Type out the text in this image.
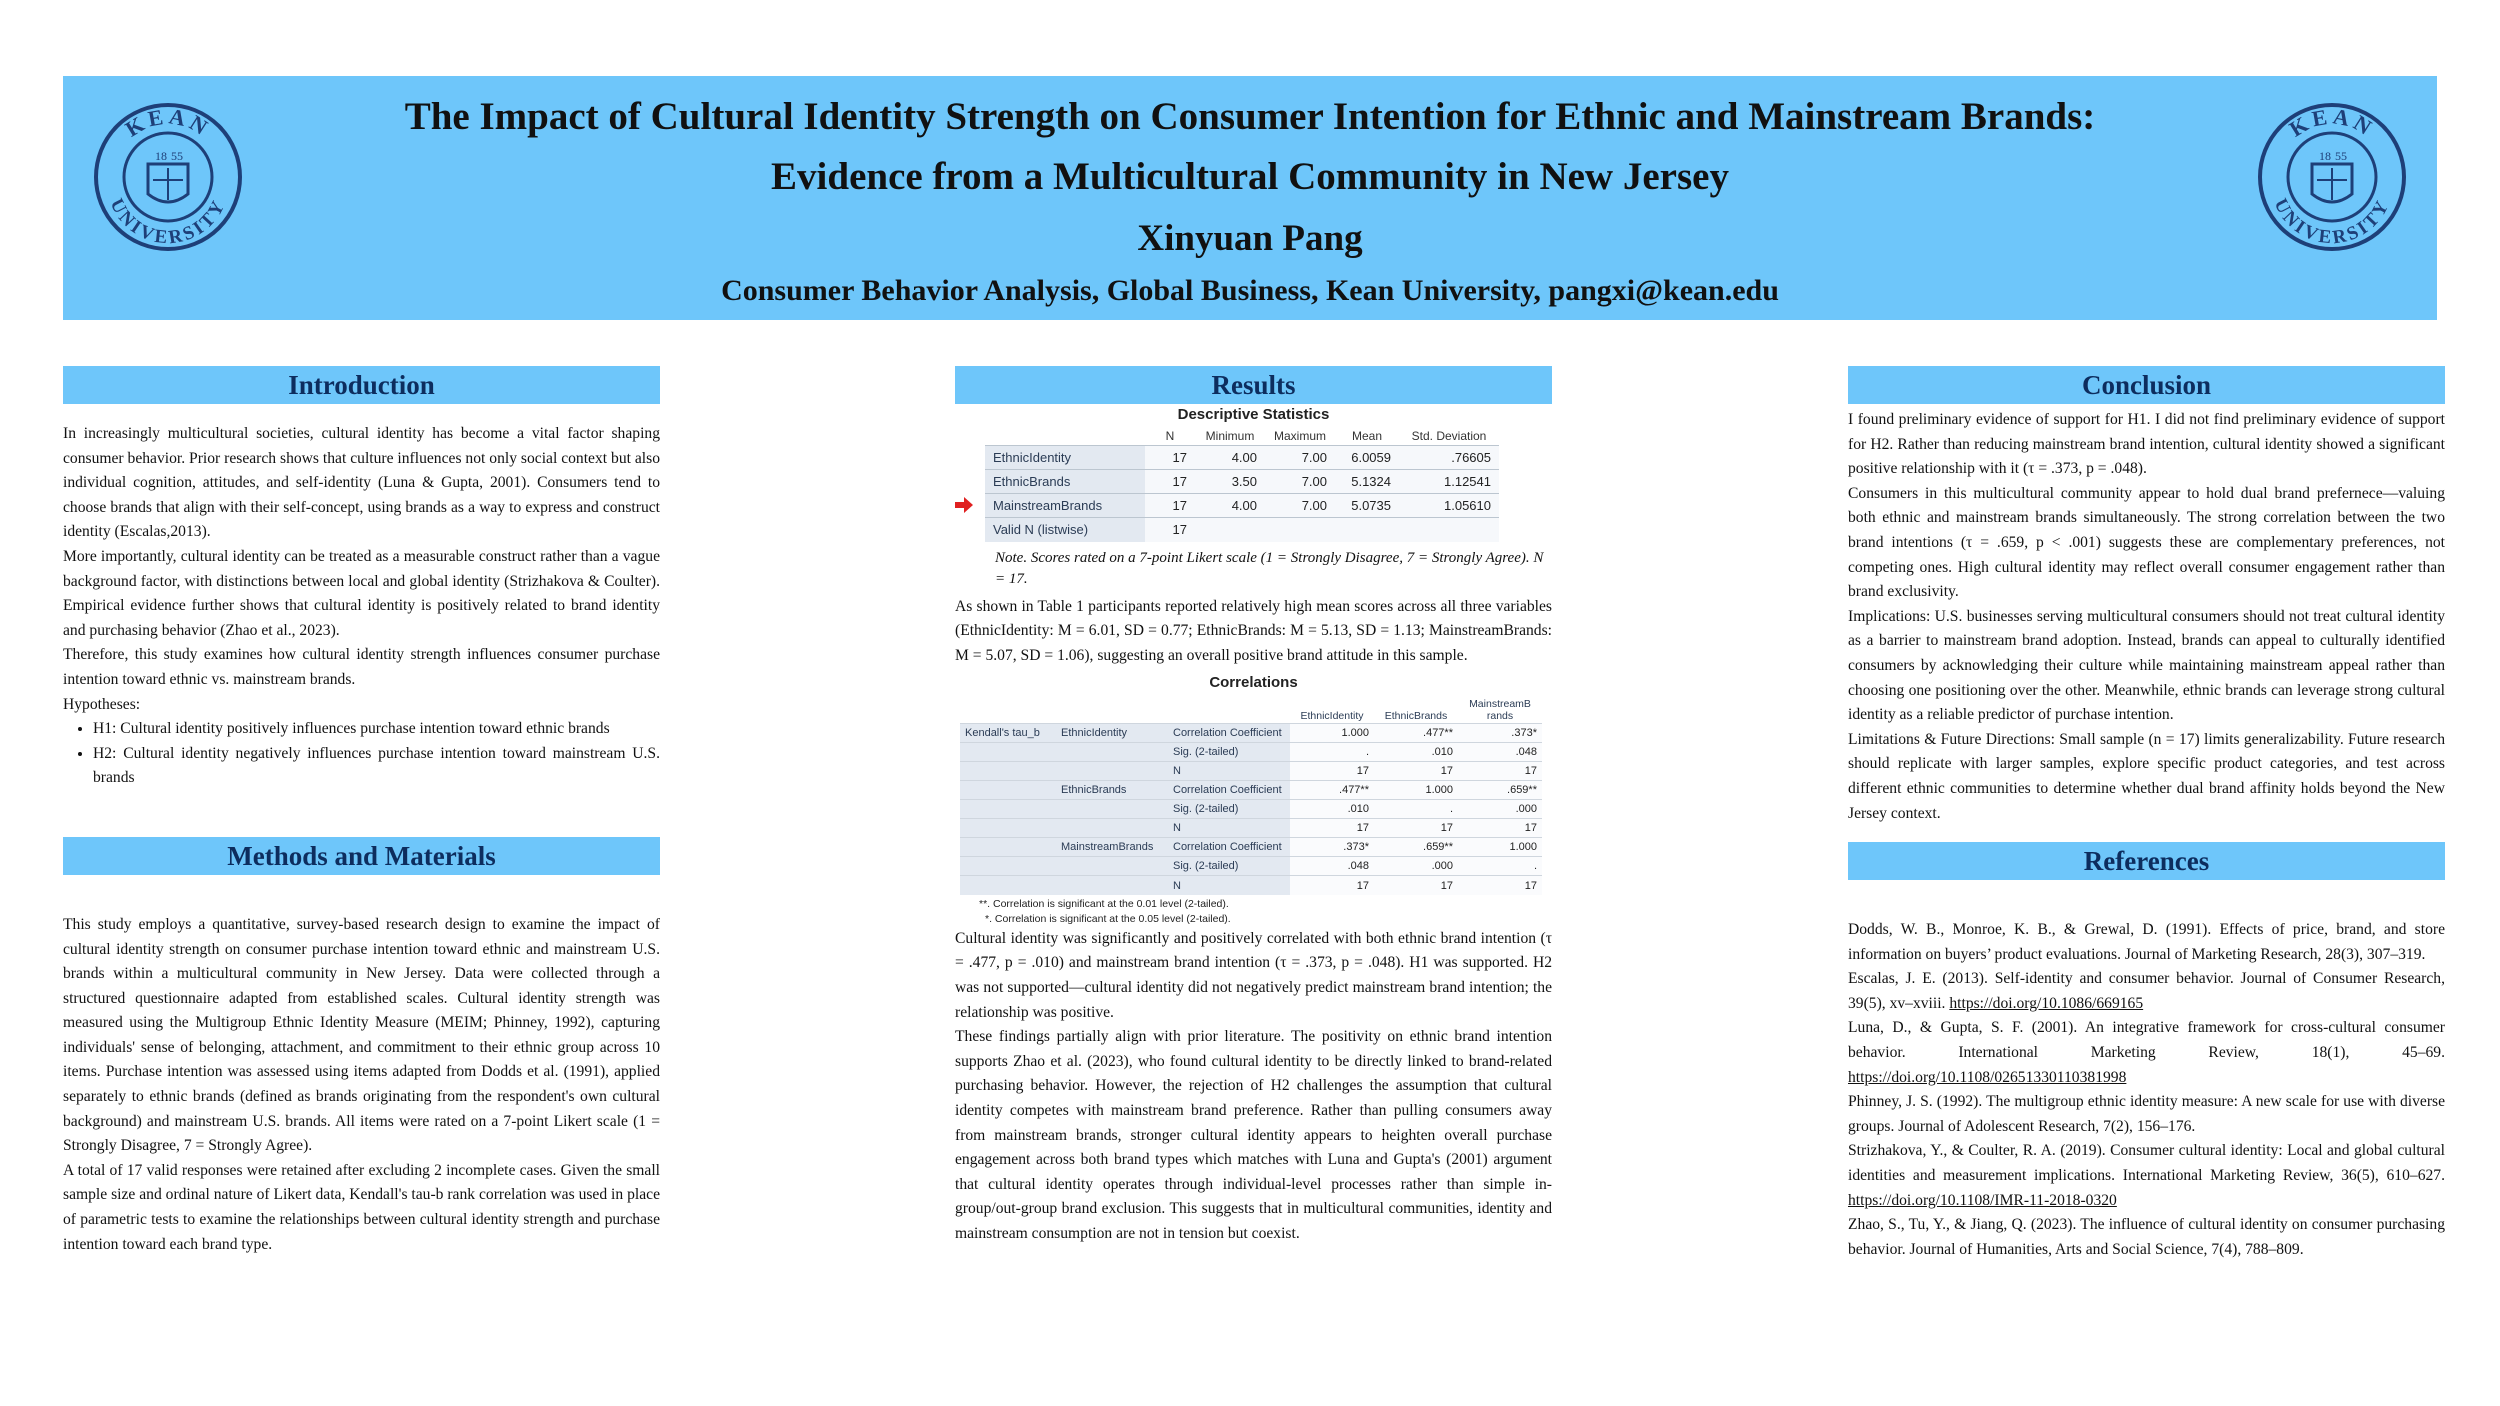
KEAN
UNIVERSITY
18 55
The Impact of Cultural Identity Strength on Consumer Intention for Ethnic and Mainstream Brands:
Evidence from a Multicultural Community in New Jersey
Xinyuan Pang
Consumer Behavior Analysis, Global Business, Kean University, pangxi@kean.edu
KEAN
UNIVERSITY
18 55
Introduction

In increasingly multicultural societies, cultural identity has become a vital factor shaping consumer behavior. Prior research shows that culture influences not only social context but also individual cognition, attitudes, and self-identity (Luna & Gupta, 2001). Consumers tend to choose brands that align with their self-concept, using brands as a way to express and construct identity (Escalas,2013).

More importantly, cultural identity can be treated as a measurable construct rather than a vague background factor, with distinctions between local and global identity (Strizhakova & Coulter). Empirical evidence further shows that cultural identity is positively related to brand identity and purchasing behavior (Zhao et al., 2023).

Therefore, this study examines how cultural identity strength influences consumer purchase intention toward ethnic vs. mainstream brands.

Hypotheses:

• H1: Cultural identity positively influences purchase intention toward ethnic brands
• H2: Cultural identity negatively influences purchase intention toward mainstream U.S. brands
Methods and Materials

This study employs a quantitative, survey-based research design to examine the impact of cultural identity strength on consumer purchase intention toward ethnic and mainstream U.S. brands within a multicultural community in New Jersey. Data were collected through a structured questionnaire adapted from established scales. Cultural identity strength was measured using the Multigroup Ethnic Identity Measure (MEIM; Phinney, 1992), capturing individuals' sense of belonging, attachment, and commitment to their ethnic group across 10 items. Purchase intention was assessed using items adapted from Dodds et al. (1991), applied separately to ethnic brands (defined as brands originating from the respondent's own cultural background) and mainstream U.S. brands. All items were rated on a 7-point Likert scale (1 = Strongly Disagree, 7 = Strongly Agree).

A total of 17 valid responses were retained after excluding 2 incomplete cases. Given the small sample size and ordinal nature of Likert data, Kendall's tau-b rank correlation was used in place of parametric tests to examine the relationships between cultural identity strength and purchase intention toward each brand type.

Results
Descriptive Statistics
	N	Minimum	Maximum	Mean	Std. Deviation
EthnicIdentity	17	4.00	7.00	6.0059	.76605
EthnicBrands	17	3.50	7.00	5.1324	1.12541
MainstreamBrands	17	4.00	7.00	5.0735	1.05610
Valid N (listwise)	17				
Note. Scores rated on a 7-point Likert scale (1 = Strongly Disagree, 7 = Strongly Agree). N = 17.
As shown in Table 1 participants reported relatively high mean scores across all three variables (EthnicIdentity: M = 6.01, SD = 0.77; EthnicBrands: M = 5.13, SD = 1.13; MainstreamBrands: M = 5.07, SD = 1.06), suggesting an overall positive brand attitude in this sample.
Correlations
			EthnicIdentity	EthnicBrands	MainstreamB rands
Kendall's tau_b	EthnicIdentity	Correlation Coefficient	1.000	.477**	.373*
		Sig. (2-tailed)	.	.010	.048
		N	17	17	17
	EthnicBrands	Correlation Coefficient	.477**	1.000	.659**
		Sig. (2-tailed)	.010	.	.000
		N	17	17	17
	MainstreamBrands	Correlation Coefficient	.373*	.659**	1.000
		Sig. (2-tailed)	.048	.000	.
		N	17	17	17
**. Correlation is significant at the 0.01 level (2-tailed).
*. Correlation is significant at the 0.05 level (2-tailed).
Cultural identity was significantly and positively correlated with both ethnic brand intention (τ = .477, p = .010) and mainstream brand intention (τ = .373, p = .048). H1 was supported. H2 was not supported—cultural identity did not negatively predict mainstream brand intention; the relationship was positive.
These findings partially align with prior literature. The positivity on ethnic brand intention supports Zhao et al. (2023), who found cultural identity to be directly linked to brand-related purchasing behavior. However, the rejection of H2 challenges the assumption that cultural identity competes with mainstream brand preference. Rather than pulling consumers away from mainstream brands, stronger cultural identity appears to heighten overall purchase engagement across both brand types which matches with Luna and Gupta's (2001) argument that cultural identity operates through individual-level processes rather than simple in-group/out-group brand exclusion. This suggests that in multicultural communities, identity and mainstream consumption are not in tension but coexist.
Conclusion

I found preliminary evidence of support for H1. I did not find preliminary evidence of support for H2. Rather than reducing mainstream brand intention, cultural identity showed a significant positive relationship with it (τ = .373, p = .048).

Consumers in this multicultural community appear to hold dual brand prefernece—valuing both ethnic and mainstream brands simultaneously. The strong correlation between the two brand intentions (τ = .659, p < .001) suggests these are complementary preferences, not competing ones. High cultural identity may reflect overall consumer engagement rather than brand exclusivity.

Implications: U.S. businesses serving multicultural consumers should not treat cultural identity as a barrier to mainstream brand adoption. Instead, brands can appeal to culturally identified consumers by acknowledging their culture while maintaining mainstream appeal rather than choosing one positioning over the other. Meanwhile, ethnic brands can leverage strong cultural identity as a reliable predictor of purchase intention.

Limitations & Future Directions: Small sample (n = 17) limits generalizability. Future research should replicate with larger samples, explore specific product categories, and test across different ethnic communities to determine whether dual brand affinity holds beyond the New Jersey context.

References

Dodds, W. B., Monroe, K. B., & Grewal, D. (1991). Effects of price, brand, and store information on buyers’ product evaluations. Journal of Marketing Research, 28(3), 307–319.

Escalas, J. E. (2013). Self-identity and consumer behavior. Journal of Consumer Research, 39(5), xv–xviii. https://doi.org/10.1086/669165

Luna, D., & Gupta, S. F. (2001). An integrative framework for cross-cultural consumer behavior. International Marketing Review, 18(1), 45–69. https://doi.org/10.1108/02651330110381998

Phinney, J. S. (1992). The multigroup ethnic identity measure: A new scale for use with diverse groups. Journal of Adolescent Research, 7(2), 156–176.

Strizhakova, Y., & Coulter, R. A. (2019). Consumer cultural identity: Local and global cultural identities and measurement implications. International Marketing Review, 36(5), 610–627. https://doi.org/10.1108/IMR-11-2018-0320

Zhao, S., Tu, Y., & Jiang, Q. (2023). The influence of cultural identity on consumer purchasing behavior. Journal of Humanities, Arts and Social Science, 7(4), 788–809.
